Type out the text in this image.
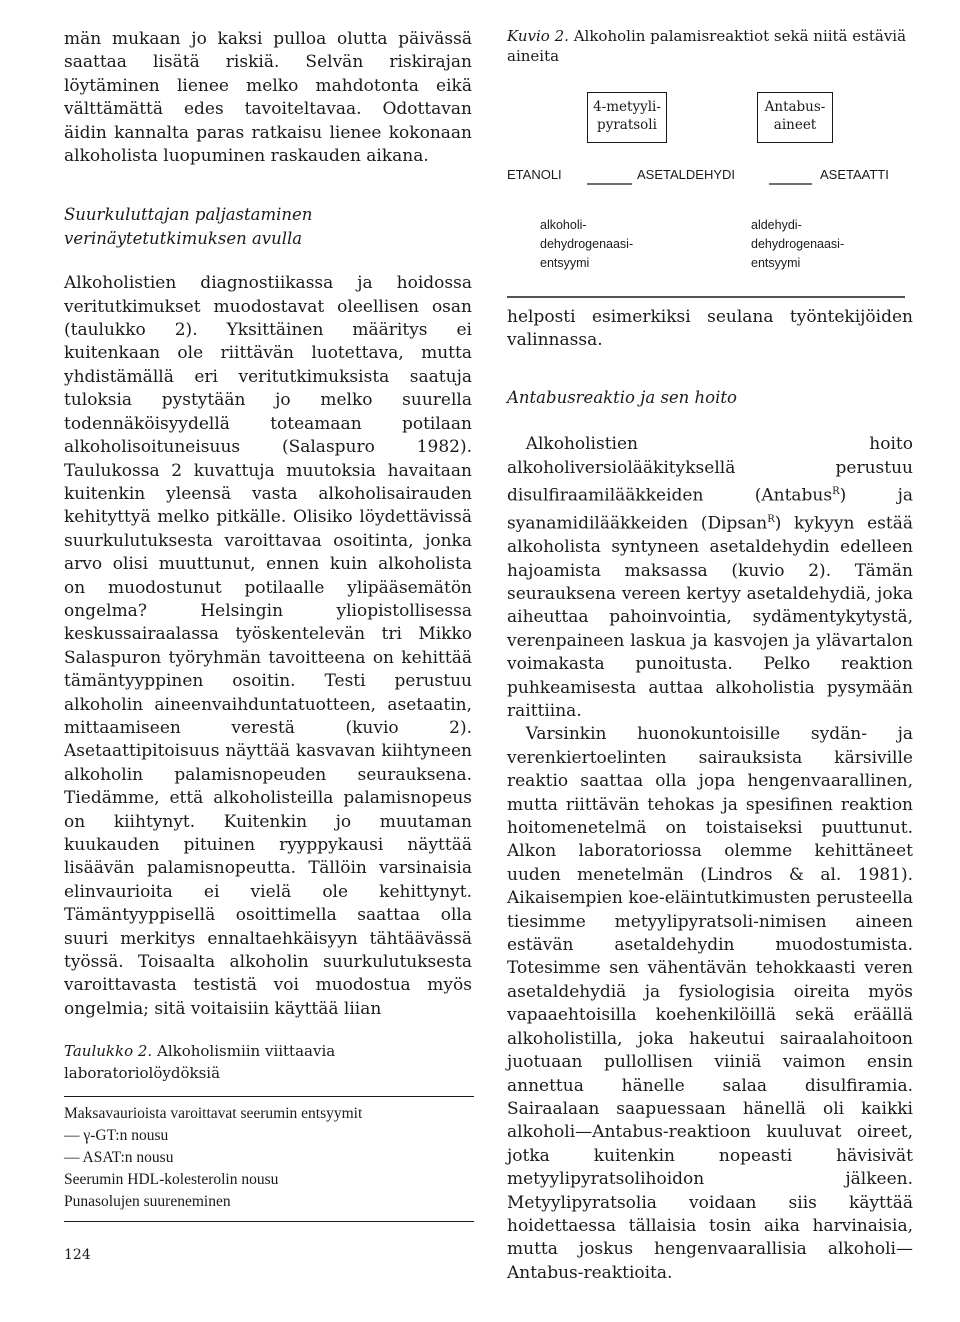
män mukaan jo kaksi pulloa olutta päivässä saattaa lisätä riskiä. Selvän riskirajan löytäminen lienee melko mahdotonta eikä välttämättä edes tavoiteltavaa. Odottavan äidin kannalta paras ratkaisu lienee kokonaan alkoholista luopuminen raskauden aikana.

Suurkuluttajan paljastaminen

verinäytetutkimuksen avulla

Alkoholistien diagnostiikassa ja hoidossa veritutkimukset muodostavat oleellisen osan (taulukko 2). Yksittäinen määritys ei kuitenkaan ole riittävän luotettava, mutta yhdistämällä eri veritutkimuksista saatuja tuloksia pystytään jo melko suurella todennäköisyydellä toteamaan potilaan alkoholisoituneisuus (Salaspuro 1982). Taulukossa 2 kuvattuja muutoksia havaitaan kuitenkin yleensä vasta alkoholisairauden kehityttyä melko pitkälle. Olisiko löydettävissä suurkulutuksesta varoittavaa osoitinta, jonka arvo olisi muuttunut, ennen kuin alkoholista on muodostunut potilaalle ylipääsemätön ongelma? Helsingin yliopistollisessa keskussairaalassa työskentelevän tri Mikko Salaspuron työryhmän tavoitteena on kehittää tämäntyyppinen osoitin. Testi perustuu alkoholin aineenvaihduntatuotteen, asetaatin, mittaamiseen verestä (kuvio 2). Asetaattipitoisuus näyttää kasvavan kiihtyneen alkoholin palamisnopeuden seurauksena. Tiedämme, että alkoholisteilla palamisnopeus on kiihtynyt. Kuitenkin jo muutaman kuukauden pituinen ryyppykausi näyttää lisäävän palamisnopeutta. Tällöin varsinaisia elinvaurioita ei vielä ole kehittynyt. Tämäntyyppisellä osoittimella saattaa olla suuri merkitys ennaltaehkäisyyn tähtäävässä työssä. Toisaalta alkoholin suurkulutuksesta varoittavasta testistä voi muodostua myös ongelmia; sitä voitaisiin käyttää liian

Taulukko 2. Alkoholismiin viittaavia laboratoriolöydöksiä
Maksavaurioista varoittavat seerumin entsyymit
— γ-GT:n nousu
— ASAT:n nousu
Seerumin HDL-kolesterolin nousu
Punasolujen suureneminen
124
Kuvio 2. Alkoholin palamisreaktiot sekä niitä estäviä aineita
4-metyyli-
pyratsoli
Antabus-
aineet
ETANOLI	ASETALDEHYDI	ASETAATTI
alkoholi-
dehydrogenaasi-
entsyymi
aldehydi-
dehydrogenaasi-
entsyymi

helposti esimerkiksi seulana työntekijöiden valinnassa.

Antabusreaktio ja sen hoito

Alkoholistien hoito alkoholiversiolääkityksellä perustuu disulfiraamilääkkeiden (Antabus$^R$) ja syanamidilääkkeiden (Dipsan$^R$) kykyyn estää alkoholista syntyneen asetaldehydin edelleen hajoamista maksassa (kuvio 2). Tämän seurauksena vereen kertyy asetaldehydiä, joka aiheuttaa pahoinvointia, sydämentykytystä, verenpaineen laskua ja kasvojen ja ylävartalon voimakasta punoitusta. Pelko reaktion puhkeamisesta auttaa alkoholistia pysymään raittiina.

Varsinkin huonokuntoisille sydän- ja verenkiertoelinten sairauksista kärsiville reaktio saattaa olla jopa hengenvaarallinen, mutta riittävän tehokas ja spesifinen reaktion hoitomenetelmä on toistaiseksi puuttunut. Alkon laboratoriossa olemme kehittäneet uuden menetelmän (Lindros & al. 1981). Aikaisempien koe-eläintutkimusten perusteella tiesimme metyylipyratsoli-nimisen aineen estävän asetaldehydin muodostumista. Totesimme sen vähentävän tehokkaasti veren asetaldehydiä ja fysiologisia oireita myös vapaaehtoisilla koehenkilöillä sekä eräällä alkoholistilla, joka hakeutui sairaalahoitoon juotuaan pullollisen viiniä vaimon ensin annettua hänelle salaa disulfiramia. Sairaalaan saapuessaan hänellä oli kaikki alkoholi—Antabus-reaktioon kuuluvat oireet, jotka kuitenkin nopeasti hävisivät metyylipyratsolihoidon jälkeen. Metyylipyratsolia voidaan siis käyttää hoidettaessa tällaisia tosin aika harvinaisia, mutta joskus hengenvaarallisia alkoholi—Antabus-reaktioita.
